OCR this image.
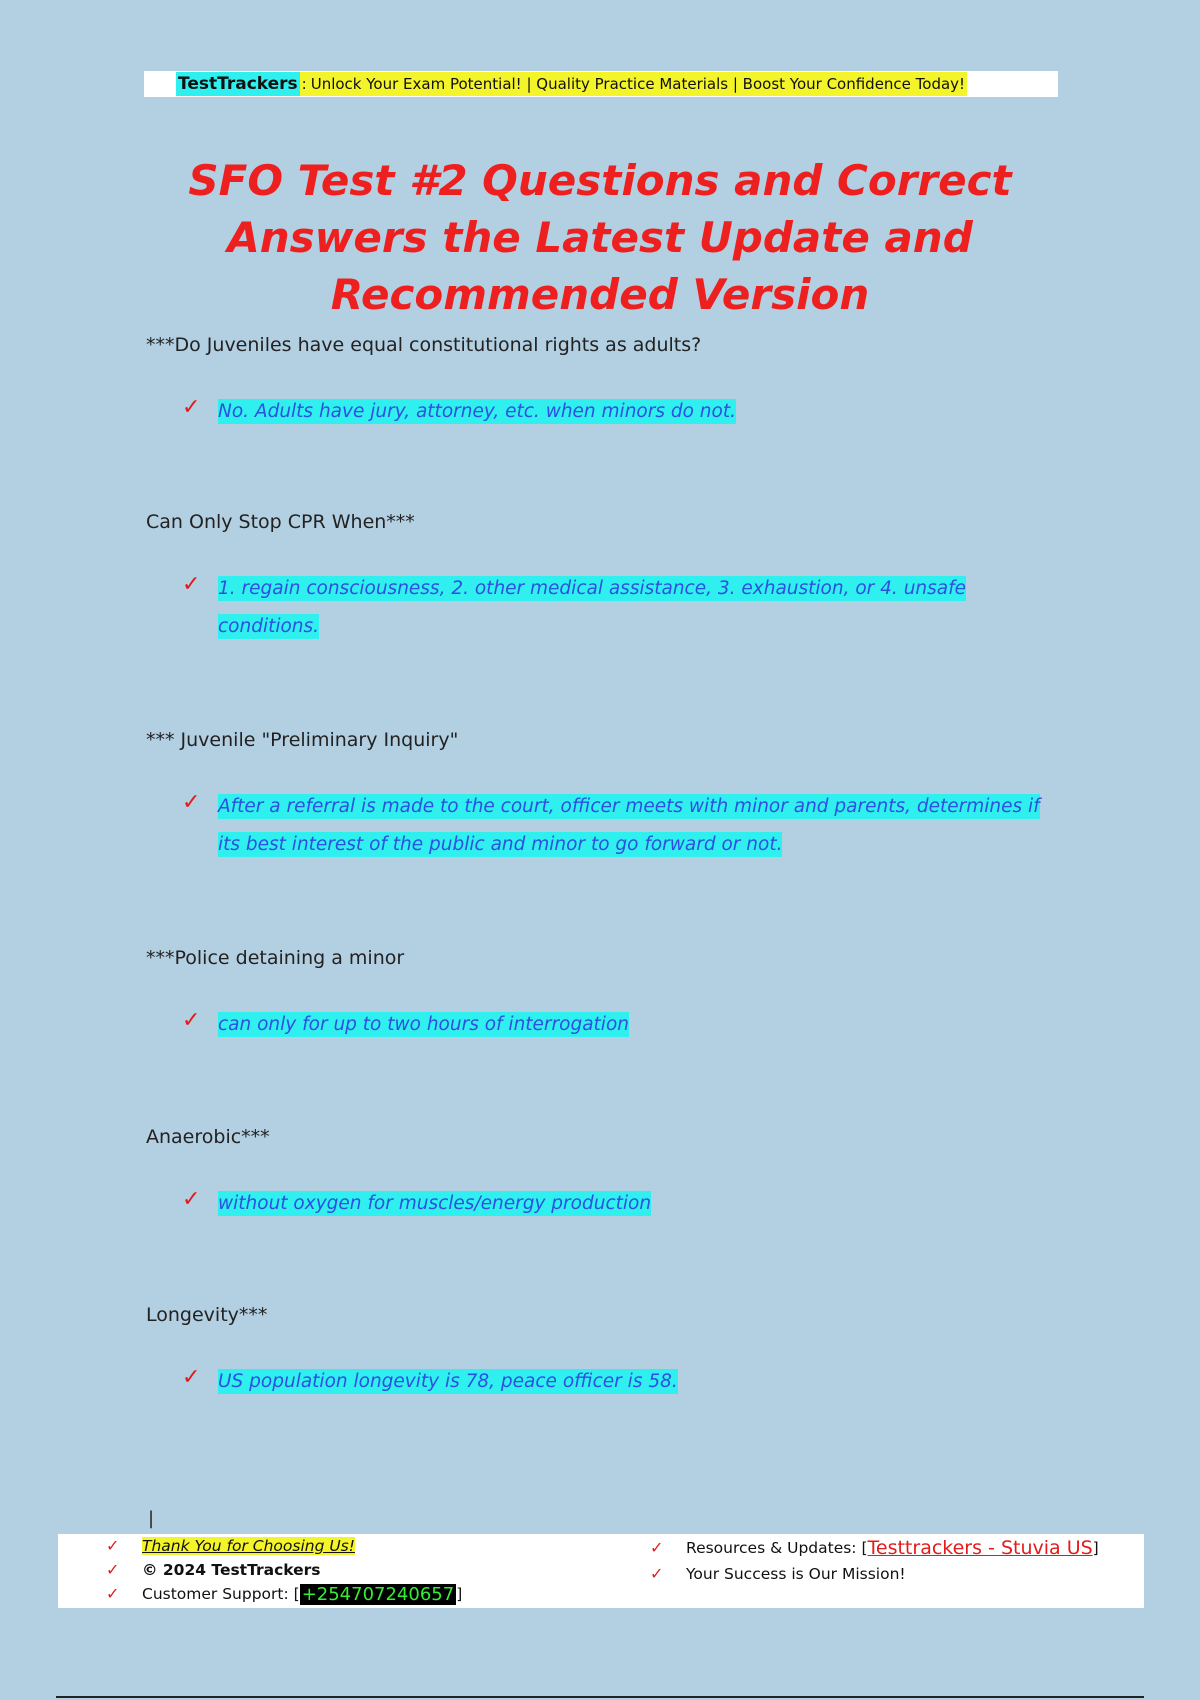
TestTrackers : Unlock Your Exam Potential! | Quality Practice Materials | Boost Your Confidence Today!
SFO Test #2 Questions and Correct Answers the Latest Update and Recommended Version
***Do Juveniles have equal constitutional rights as adults?
✓ No. Adults have jury, attorney, etc. when minors do not.
Can Only Stop CPR When***
✓ 1. regain consciousness, 2. other medical assistance, 3. exhaustion, or 4. unsafe conditions.
*** Juvenile "Preliminary Inquiry"
✓ After a referral is made to the court, officer meets with minor and parents, determines if its best interest of the public and minor to go forward or not.
***Police detaining a minor
✓ can only for up to two hours of interrogation
Anaerobic***
✓ without oxygen for muscles/energy production
Longevity***
✓ US population longevity is 78, peace officer is 58.
|
✓	Thank You for Choosing Us!
✓	© 2024 TestTrackers
✓	Customer Support: [ +254707240657 ]
✓	Resources & Updates: [ Testtrackers - Stuvia US ]
✓	Your Success is Our Mission!
